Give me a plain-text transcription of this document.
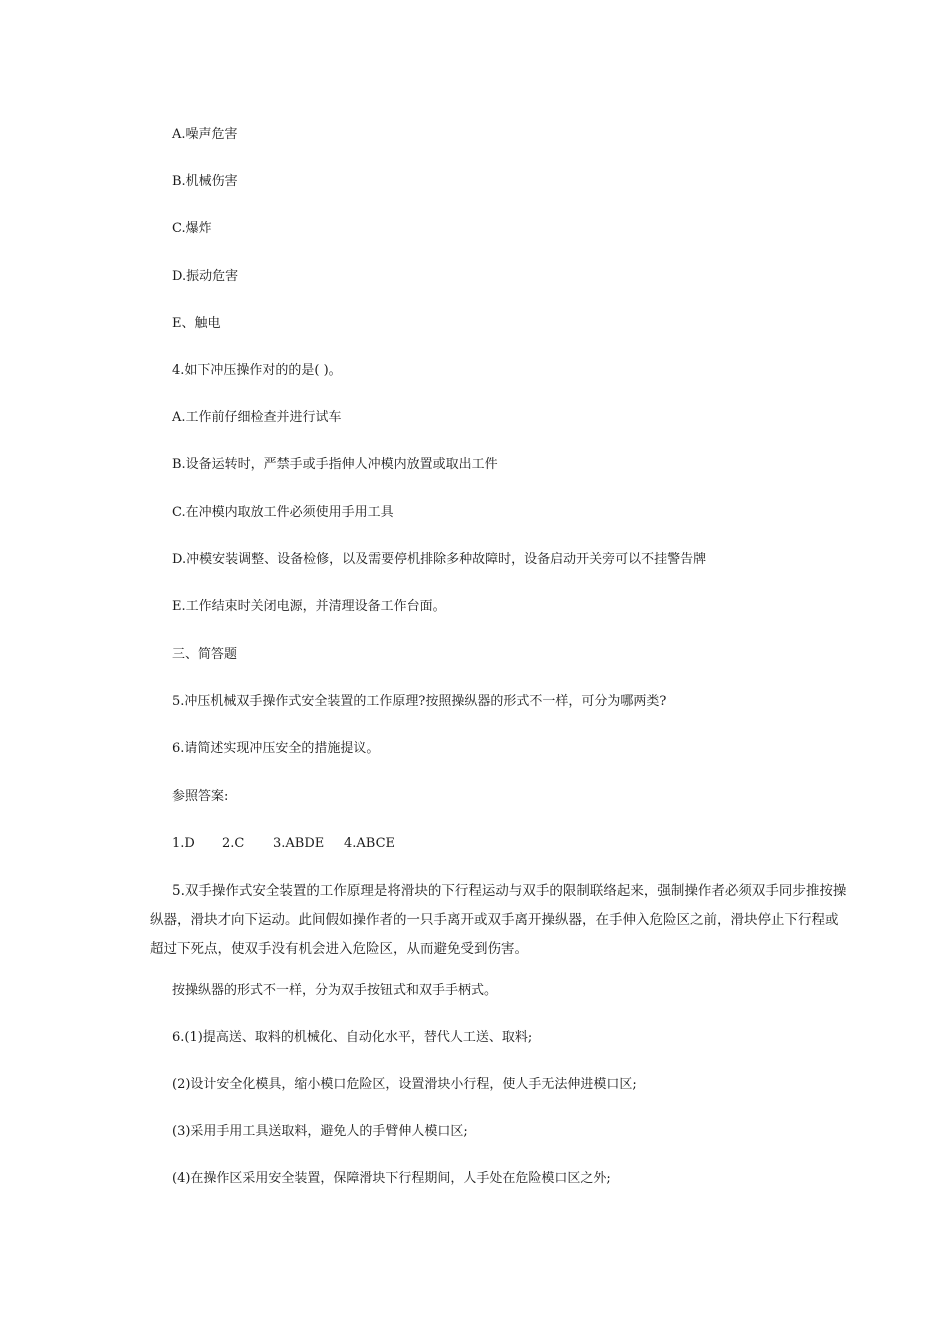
A.噪声危害
B.机械伤害
C.爆炸
D.振动危害
E、触电
4.如下冲压操作对的的是( )。
A.工作前仔细检查并进行试车
B.设备运转时，严禁手或手指伸人冲模内放置或取出工件
C.在冲模内取放工件必须使用手用工具
D.冲模安装调整、设备检修，以及需要停机排除多种故障时，设备启动开关旁可以不挂警告牌
E.工作结束时关闭电源，并清理设备工作台面。
三、简答题
5.冲压机械双手操作式安全装置的工作原理?按照操纵器的形式不一样，可分为哪两类?
6.请简述实现冲压安全的措施提议。
参照答案:
1.D 2.C 3.ABDE 4.ABCE
5.双手操作式安全装置的工作原理是将滑块的下行程运动与双手的限制联络起来，强制操作者必须双手同步推按操纵器，滑块才向下运动。此间假如操作者的一只手离开或双手离开操纵器，在手伸入危险区之前，滑块停止下行程或超过下死点，使双手没有机会进入危险区，从而避免受到伤害。
按操纵器的形式不一样，分为双手按钮式和双手手柄式。
6.(1)提高送、取料的机械化、自动化水平，替代人工送、取料;
(2)设计安全化模具，缩小模口危险区，设置滑块小行程，使人手无法伸进模口区;
(3)采用手用工具送取料，避免人的手臂伸人模口区;
(4)在操作区采用安全装置，保障滑块下行程期间，人手处在危险模口区之外;
